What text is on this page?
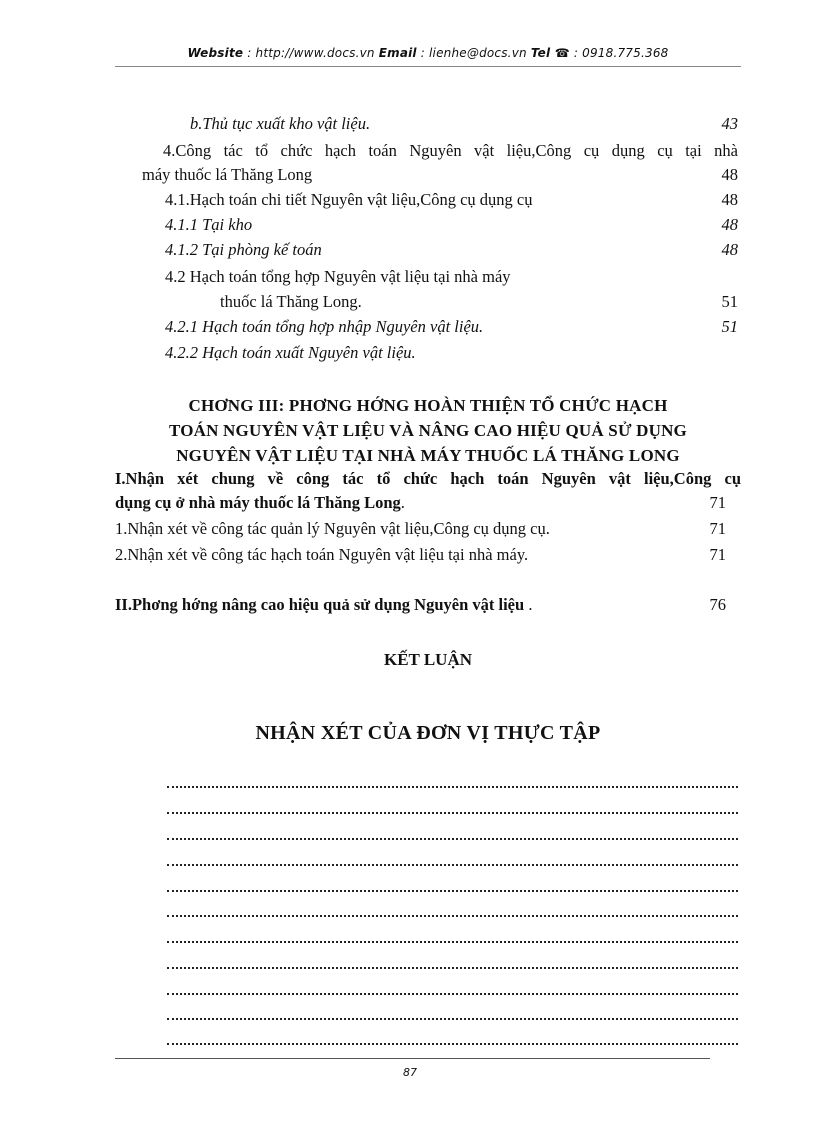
Website : http://www.docs.vn Email : lienhe@docs.vn Tel ☎ : 0918.775.368
b.Thủ tục xuất kho vật liệu.	43
4.Công tác tổ chức hạch toán Nguyên vật liệu,Công cụ dụng cụ tại nhà
máy thuốc lá Thăng Long	48
4.1.Hạch toán chi tiết Nguyên vật liệu,Công cụ dụng cụ	48
4.1.1 Tại kho	48
4.1.2 Tại phòng kế toán	48
4.2 Hạch toán tổng hợp Nguyên vật liệu tại nhà máy
thuốc lá Thăng Long.	51
4.2.1 Hạch toán tổng hợp nhập Nguyên vật liệu.	51
4.2.2 Hạch toán xuất Nguyên vật liệu.
CHƠNG III: PHƠNG HỚNG HOÀN THIỆN TỔ CHỨC HẠCH
TOÁN NGUYÊN VẬT LIỆU VÀ NÂNG CAO HIỆU QUẢ SỬ DỤNG
NGUYÊN VẬT LIỆU TẠI NHÀ MÁY THUỐC LÁ THĂNG LONG
I.Nhận xét chung về công tác tổ chức hạch toán Nguyên vật liệu,Công cụ
dụng cụ ở nhà máy thuốc lá Thăng Long.	71
1.Nhận xét về công tác quản lý Nguyên vật liệu,Công cụ dụng cụ.	71
2.Nhận xét về công tác hạch toán Nguyên vật liệu tại nhà máy.	71
II.Phơng hớng nâng cao hiệu quả sử dụng Nguyên vật liệu .	76
KẾT LUẬN
NHẬN XÉT CỦA ĐƠN VỊ THỰC TẬP
87
